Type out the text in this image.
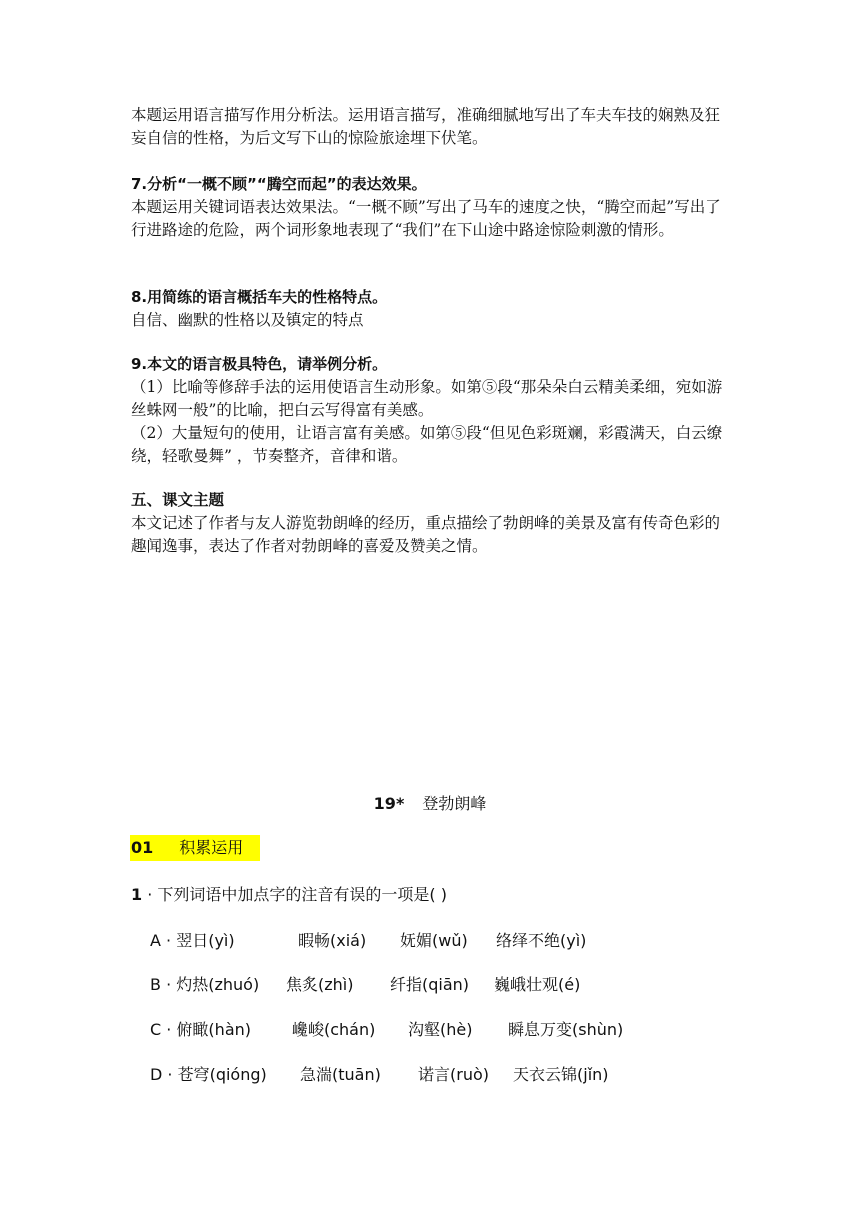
本题运用语言描写作用分析法。运用语言描写，准确细腻地写出了车夫车技的娴熟及狂妄自信的性格，为后文写下山的惊险旅途埋下伏笔。

7.分析“一概不顾”“腾空而起”的表达效果。

本题运用关键词语表达效果法。“一概不顾”写出了马车的速度之快，“腾空而起”写出了行进路途的危险，两个词形象地表现了“我们”在下山途中路途惊险刺激的情形。

8.用简练的语言概括车夫的性格特点。

自信、幽默的性格以及镇定的特点

9.本文的语言极具特色，请举例分析。

（1）比喻等修辞手法的运用使语言生动形象。如第⑤段“那朵朵白云精美柔细，宛如游丝蛛网一般”的比喻，把白云写得富有美感。

（2）大量短句的使用，让语言富有美感。如第⑤段“但见色彩斑斓，彩霞满天，白云缭绕，轻歌曼舞” ，节奏整齐，音律和谐。

五、课文主题

本文记述了作者与友人游览勃朗峰的经历，重点描绘了勃朗峰的美景及富有传奇色彩的趣闻逸事，表达了作者对勃朗峰的喜爱及赞美之情。

19* 登勃朗峰
01 积累运用
1 · 下列词语中加点字的注音有误的一项是( )
A · 翌日(yì)	暇畅(xiá) 妩媚(wǔ) 络绎不绝(yì)
B · 灼热(zhuó) 焦炙(zhì) 纤指(qiān) 巍峨壮观(é)
C · 俯瞰(hàn)	巉峻(chán) 沟壑(hè) 瞬息万变(shùn)
D · 苍穹(qióng) 急湍(tuān) 诺言(ruò) 天衣云锦(jǐn)
